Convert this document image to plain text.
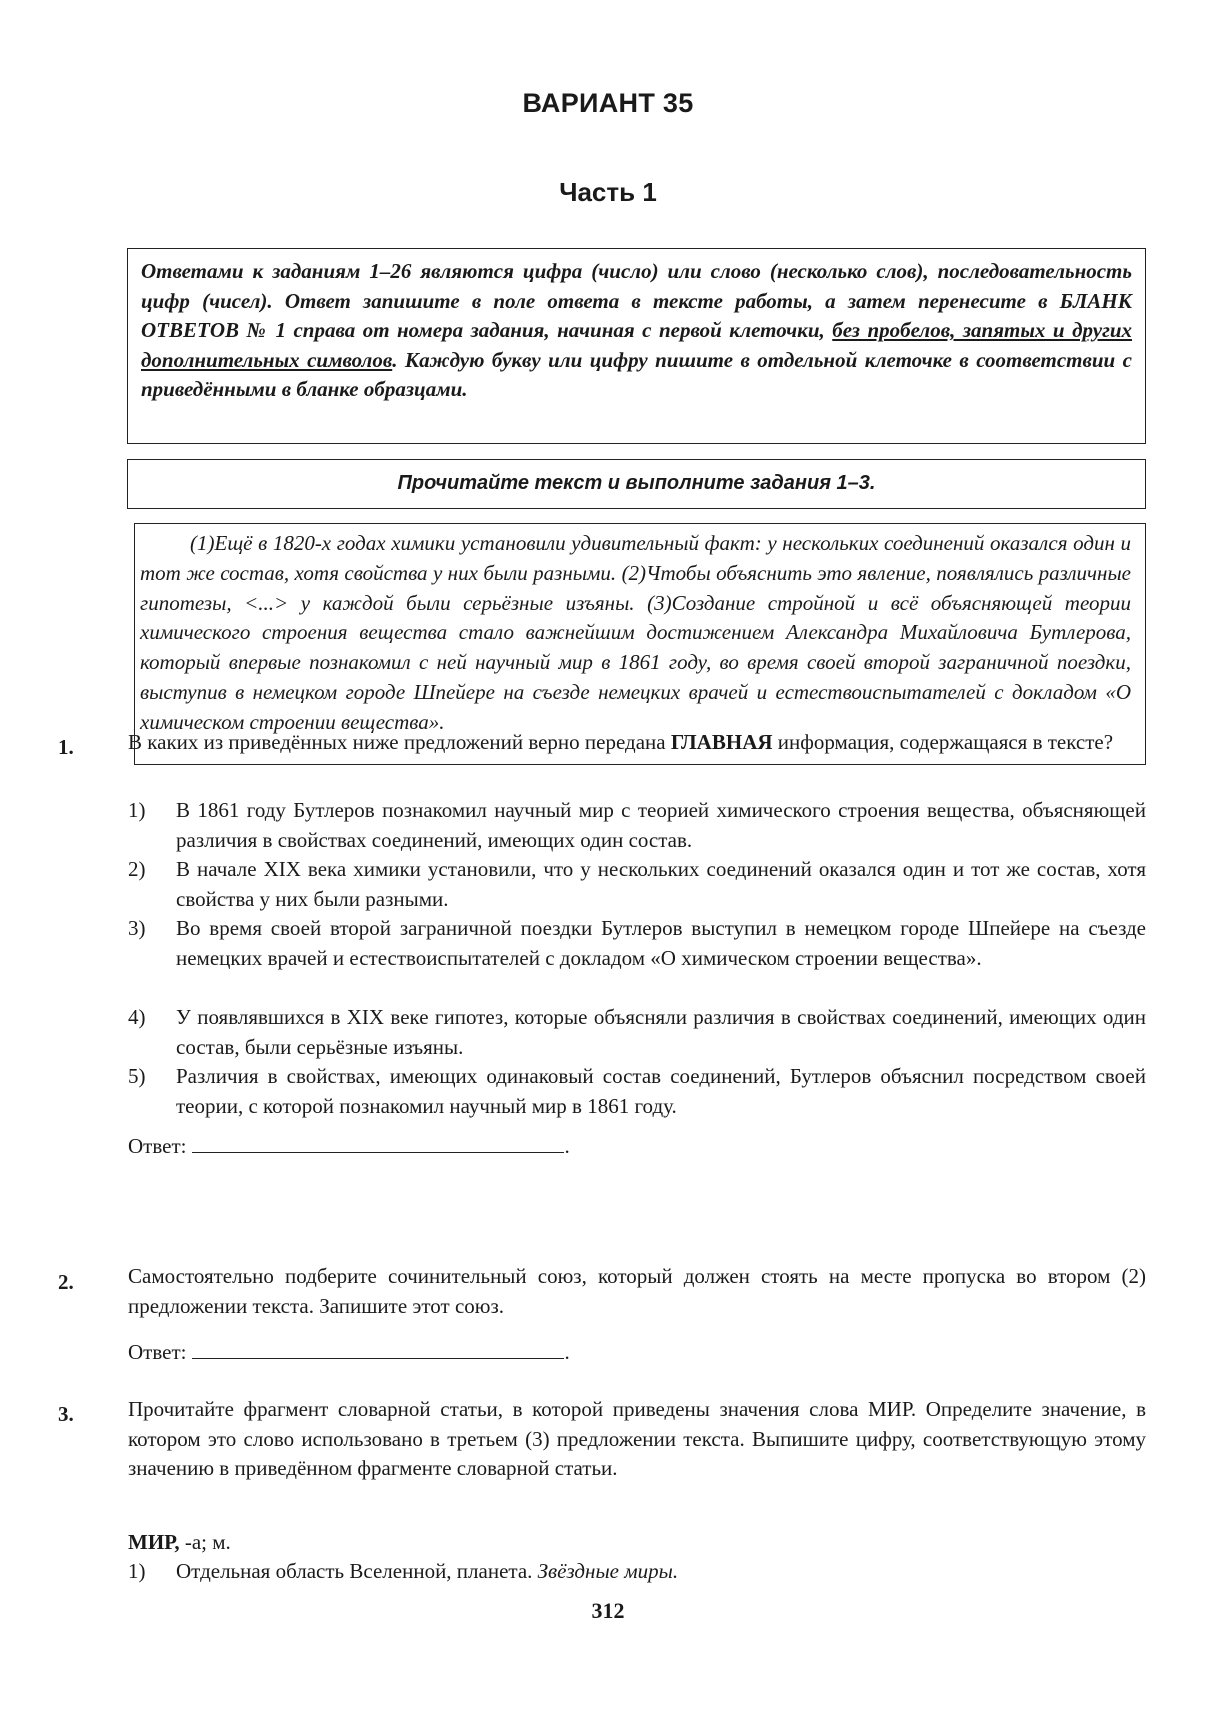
ВАРИАНТ 35
Часть 1
Ответами к заданиям 1–26 являются цифра (число) или слово (несколько слов), последовательность цифр (чисел). Ответ запишите в поле ответа в тексте работы, а затем перенесите в БЛАНК ОТВЕТОВ № 1 справа от номера задания, начиная с первой клеточки, без пробелов, запятых и других дополнительных символов. Каждую букву или цифру пишите в отдельной клеточке в соответствии с приведёнными в бланке образцами.
Прочитайте текст и выполните задания 1–3.
(1)Ещё в 1820-х годах химики установили удивительный факт: у нескольких соединений оказался один и тот же состав, хотя свойства у них были разными. (2)Чтобы объяснить это явление, появлялись различные гипотезы, <...> у каждой были серьёзные изъяны. (3)Создание стройной и всё объясняющей теории химического строения вещества стало важнейшим достижением Александра Михайловича Бутлерова, который впервые познакомил с ней научный мир в 1861 году, во время своей второй заграничной поездки, выступив в немецком городе Шпейере на съезде немецких врачей и естествоиспытателей с докладом «О химическом строении вещества».
1.	В каких из приведённых ниже предложений верно передана ГЛАВНАЯ информация, содержащаяся в тексте?
1) В 1861 году Бутлеров познакомил научный мир с теорией химического строения вещества, объясняющей различия в свойствах соединений, имеющих один состав.
2) В начале XIX века химики установили, что у нескольких соединений оказался один и тот же состав, хотя свойства у них были разными.
3) Во время своей второй заграничной поездки Бутлеров выступил в немецком городе Шпейере на съезде немецких врачей и естествоиспытателей с докладом «О химическом строении вещества».
4) У появлявшихся в XIX веке гипотез, которые объясняли различия в свойствах соединений, имеющих один состав, были серьёзные изъяны.
5) Различия в свойствах, имеющих одинаковый состав соединений, Бутлеров объяснил посредством своей теории, с которой познакомил научный мир в 1861 году.
Ответ:	.
2.	Самостоятельно подберите сочинительный союз, который должен стоять на месте пропуска во втором (2) предложении текста. Запишите этот союз.
Ответ:	.
3.	Прочитайте фрагмент словарной статьи, в которой приведены значения слова МИР. Определите значение, в котором это слово использовано в третьем (3) предложении текста. Выпишите цифру, соответствующую этому значению в приведённом фрагменте словарной статьи.
МИР, -а; м.
1) Отдельная область Вселенной, планета. Звёздные миры.
312
